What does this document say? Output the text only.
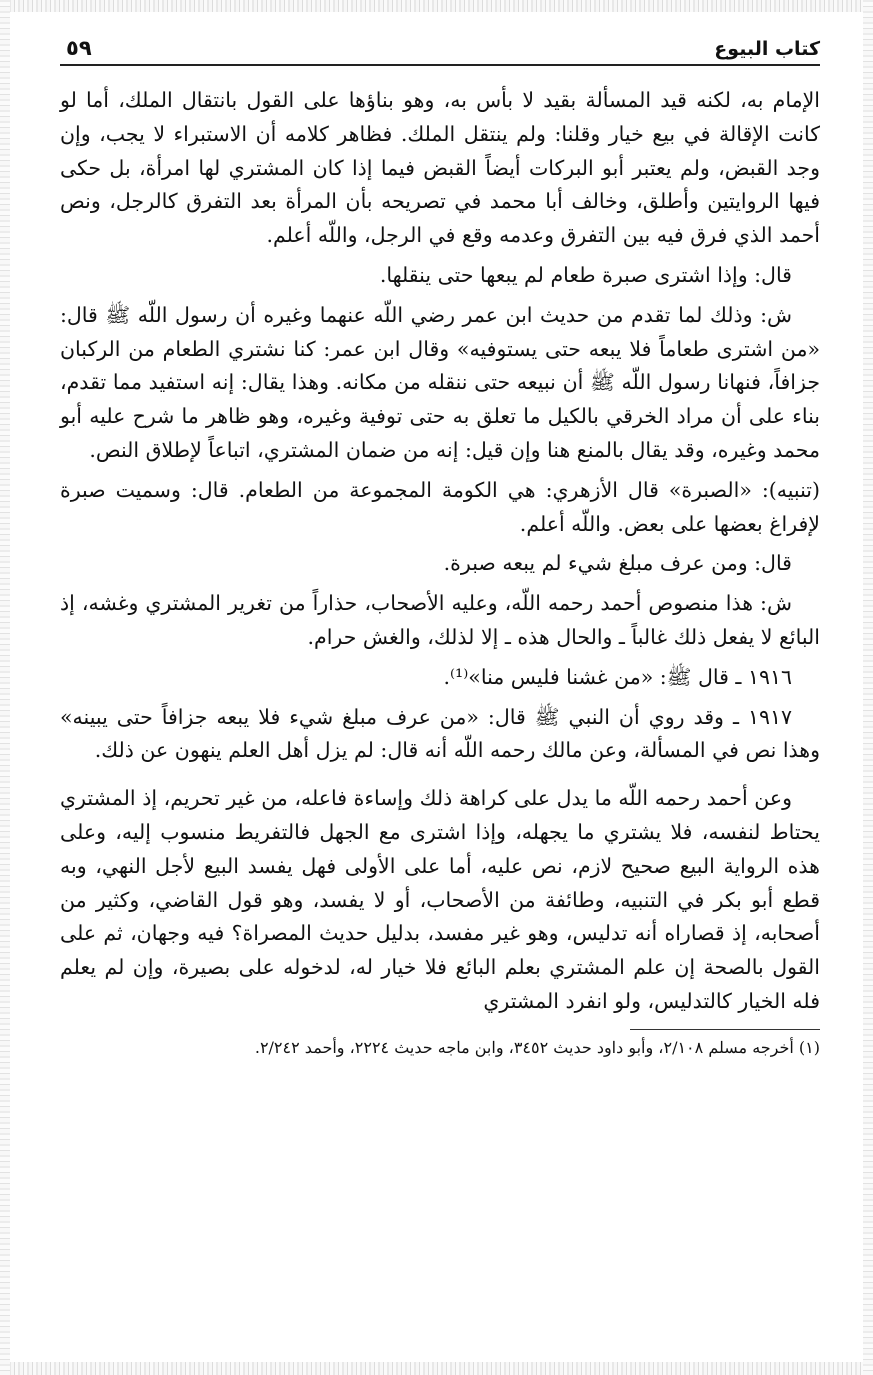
كتاب البيوع
٥٩

الإمام به، لكنه قيد المسألة بقيد لا بأس به، وهو بناؤها على القول بانتقال الملك، أما لو كانت الإقالة في بيع خيار وقلنا: ولم ينتقل الملك. فظاهر كلامه أن الاستبراء لا يجب، وإن وجد القبض، ولم يعتبر أبو البركات أيضاً القبض فيما إذا كان المشتري لها امرأة، بل حكى فيها الروايتين وأطلق، وخالف أبا محمد في تصريحه بأن المرأة بعد التفرق كالرجل، ونص أحمد الذي فرق فيه بين التفرق وعدمه وقع في الرجل، واللّه أعلم.

قال: وإذا اشترى صبرة طعام لم يبعها حتى ينقلها.

ش: وذلك لما تقدم من حديث ابن عمر رضي اللّه عنهما وغيره أن رسول اللّه ﷺ قال: «من اشترى طعاماً فلا يبعه حتى يستوفيه» وقال ابن عمر: كنا نشتري الطعام من الركبان جزافاً، فنهانا رسول اللّه ﷺ أن نبيعه حتى ننقله من مكانه. وهذا يقال: إنه استفيد مما تقدم، بناء على أن مراد الخرقي بالكيل ما تعلق به حتى توفية وغيره، وهو ظاهر ما شرح عليه أبو محمد وغيره، وقد يقال بالمنع هنا وإن قيل: إنه من ضمان المشتري، اتباعاً لإطلاق النص.

(تنبيه): «الصبرة» قال الأزهري: هي الكومة المجموعة من الطعام. قال: وسميت صبرة لإفراغ بعضها على بعض. واللّه أعلم.

قال: ومن عرف مبلغ شيء لم يبعه صبرة.

ش: هذا منصوص أحمد رحمه اللّه، وعليه الأصحاب، حذاراً من تغرير المشتري وغشه، إذ البائع لا يفعل ذلك غالباً ـ والحال هذه ـ إلا لذلك، والغش حرام.

١٩١٦ ـ قال ﷺ: «من غشنا فليس منا»⁽¹⁾.

١٩١٧ ـ وقد روي أن النبي ﷺ قال: «من عرف مبلغ شيء فلا يبعه جزافاً حتى يبينه» وهذا نص في المسألة، وعن مالك رحمه اللّه أنه قال: لم يزل أهل العلم ينهون عن ذلك.

وعن أحمد رحمه اللّه ما يدل على كراهة ذلك وإساءة فاعله، من غير تحريم، إذ المشتري يحتاط لنفسه، فلا يشتري ما يجهله، وإذا اشترى مع الجهل فالتفريط منسوب إليه، وعلى هذه الرواية البيع صحيح لازم، نص عليه، أما على الأولى فهل يفسد البيع لأجل النهي، وبه قطع أبو بكر في التنبيه، وطائفة من الأصحاب، أو لا يفسد، وهو قول القاضي، وكثير من أصحابه، إذ قصاراه أنه تدليس، وهو غير مفسد، بدليل حديث المصراة؟ فيه وجهان، ثم على القول بالصحة إن علم المشتري بعلم البائع فلا خيار له، لدخوله على بصيرة، وإن لم يعلم فله الخيار كالتدليس، ولو انفرد المشتري

(١) أخرجه مسلم ٢/١٠٨، وأبو داود حديث ٣٤٥٢، وابن ماجه حديث ٢٢٢٤، وأحمد ٢/٢٤٢.
